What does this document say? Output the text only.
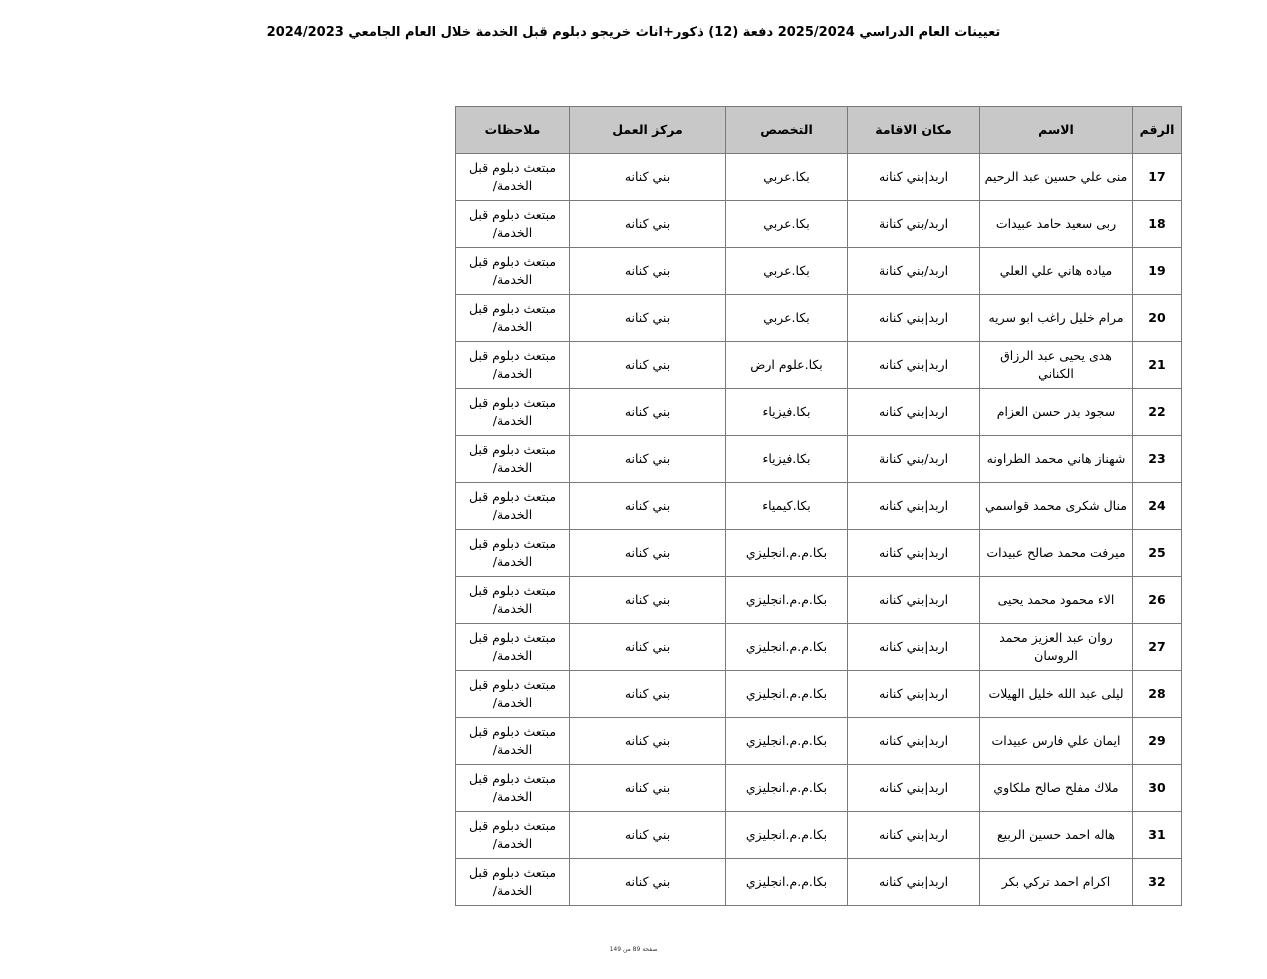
تعيينات العام الدراسي 2025/2024 دفعة (12) ذكور+اناث خريجو دبلوم قبل الخدمة خلال العام الجامعي 2024/2023
الرقم	الاسم	مكان الاقامة	التخصص	مركز العمل	ملاحظات
17	منى علي حسين عبد الرحيم	اربد|بني كنانه	بكا.عربي	بني كنانه	مبتعث دبلوم قبل الخدمة/
18	ربى سعيد حامد عبيدات	اربد/بني كنانة	بكا.عربي	بني كنانه	مبتعث دبلوم قبل الخدمة/
19	مياده هاني علي العلي	اربد/بني كنانة	بكا.عربي	بني كنانه	مبتعث دبلوم قبل الخدمة/
20	مرام خليل راغب ابو سريه	اربد|بني كنانه	بكا.عربي	بني كنانه	مبتعث دبلوم قبل الخدمة/
21	هدى يحيى عبد الرزاق الكناني	اربد|بني كنانه	بكا.علوم ارض	بني كنانه	مبتعث دبلوم قبل الخدمة/
22	سجود بدر حسن العزام	اربد|بني كنانه	بكا.فيزياء	بني كنانه	مبتعث دبلوم قبل الخدمة/
23	شهناز هاني محمد الطراونه	اربد/بني كنانة	بكا.فيزياء	بني كنانه	مبتعث دبلوم قبل الخدمة/
24	منال شكرى محمد قواسمي	اربد|بني كنانه	بكا.كيمياء	بني كنانه	مبتعث دبلوم قبل الخدمة/
25	ميرفت محمد صالح عبيدات	اربد|بني كنانه	بكا.م.م.انجليزي	بني كنانه	مبتعث دبلوم قبل الخدمة/
26	الاء محمود محمد يحيى	اربد|بني كنانه	بكا.م.م.انجليزي	بني كنانه	مبتعث دبلوم قبل الخدمة/
27	روان عبد العزيز محمد الروسان	اربد|بني كنانه	بكا.م.م.انجليزي	بني كنانه	مبتعث دبلوم قبل الخدمة/
28	ليلى عبد الله خليل الهيلات	اربد|بني كنانه	بكا.م.م.انجليزي	بني كنانه	مبتعث دبلوم قبل الخدمة/
29	ايمان علي فارس عبيدات	اربد|بني كنانه	بكا.م.م.انجليزي	بني كنانه	مبتعث دبلوم قبل الخدمة/
30	ملاك مفلح صالح ملكاوي	اربد|بني كنانه	بكا.م.م.انجليزي	بني كنانه	مبتعث دبلوم قبل الخدمة/
31	هاله احمد حسين الربيع	اربد|بني كنانه	بكا.م.م.انجليزي	بني كنانه	مبتعث دبلوم قبل الخدمة/
32	اكرام احمد تركي بكر	اربد|بني كنانه	بكا.م.م.انجليزي	بني كنانه	مبتعث دبلوم قبل الخدمة/
صفحة 89 من 149
